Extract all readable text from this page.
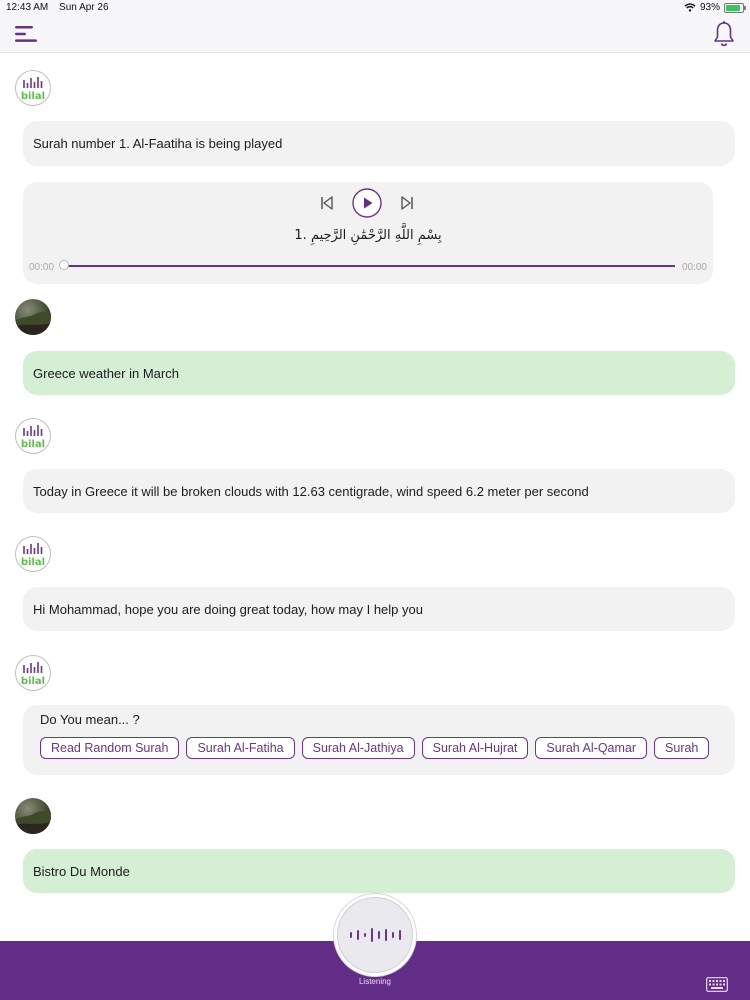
12:43 AM Sun Apr 26	93%
bilal
Surah number 1. Al-Faatiha is being played
1. بِسْمِ اللَّهِ الرَّحْمَٰنِ الرَّحِيمِ
00:00	00:00
Greece weather in March
bilal
Today in Greece it will be broken clouds with 12.63 centigrade, wind speed 6.2 meter per second
bilal
Hi Mohammad, hope you are doing great today, how may I help you
bilal
Do You mean... ?
Read Random Surah Surah Al-Fatiha Surah Al-Jathiya Surah Al-Hujrat Surah Al-Qamar Surah
Bistro Du Monde
Listening
